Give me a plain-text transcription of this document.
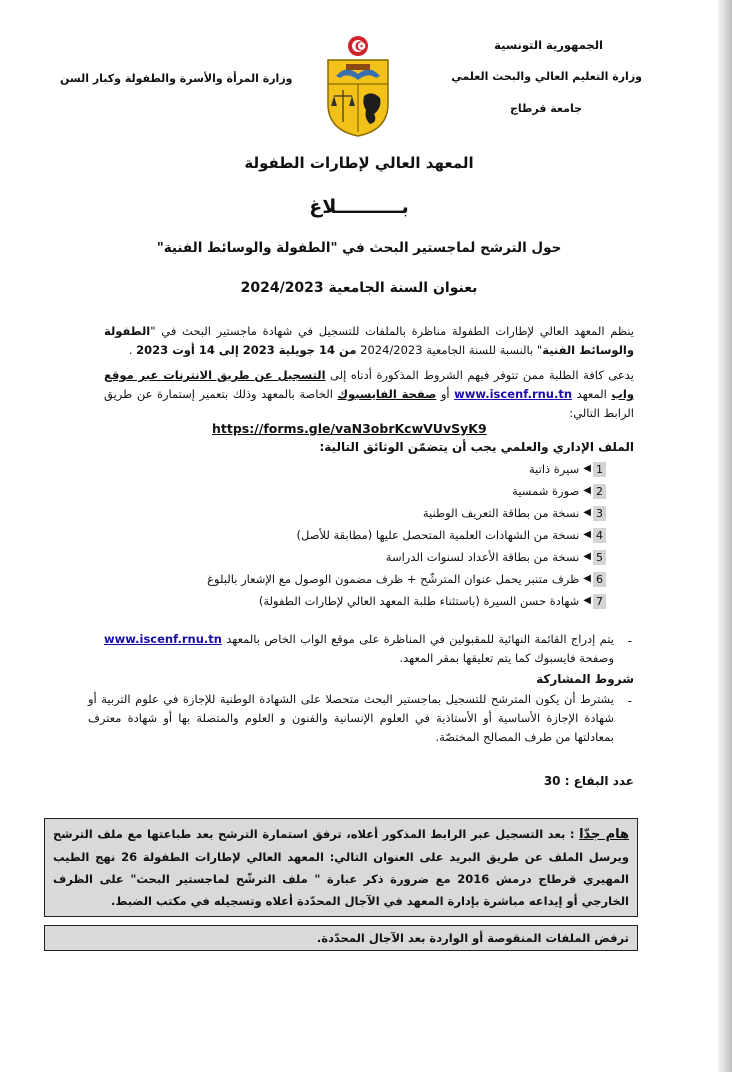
الجمهورية التونسية
وزارة التعليم العالي والبحث العلمي
جامعة قرطاج
وزارة المرأة والأسرة والطفولة وكبار السن
المعهد العالي لإطارات الطفولة
بــــــــــلاغ
حول الترشح لماجستير البحث في "الطفولة والوسائط الفنية"
بعنوان السنة الجامعية 2024/2023
ينظم المعهد العالي لإطارات الطفولة مناظرة بالملفات للتسجيل في شهادة ماجستير البحث في "الطفولة والوسائط الفنية" بالنسبة للسنة الجامعية 2024/2023 من 14 جويلية 2023 إلى 14 أوت 2023 .
يدعى كافة الطلبة ممن تتوفر فيهم الشروط المذكورة أدناه إلى التسجيل عن طريق الانترنات عبر موقع واب المعهد www.iscenf.rnu.tn أو صفحة الفايسبوك الخاصة بالمعهد وذلك بتعمير إستمارة عن طريق الرابط التالي:
https://forms.gle/vaN3obrKcwVUvSyK9
الملف الإداري والعلمي يجب أن يتضمّن الوثائق التالية:
1
◀
سيرة ذاتية
2
◀
صورة شمسية
3
◀
نسخة من بطاقة التعريف الوطنية
4
◀
نسخة من الشهادات العلمية المتحصل عليها (مطابقة للأصل)
5
◀
نسخة من بطاقة الأعداد لسنوات الدراسة
6
◀
ظرف متنبر يحمل عنوان المترشّح + ظرف مضمون الوصول مع الإشعار بالبلوغ
7
◀
شهادة حسن السيرة (باستثناء طلبة المعهد العالي لإطارات الطفولة)
-
يتم إدراج القائمة النهائية للمقبولين في المناظرة على موقع الواب الخاص بالمعهد www.iscenf.rnu.tn وصفحة فايسبوك كما يتم تعليقها بمقر المعهد.
شروط المشاركة
-
يشترط أن يكون المترشح للتسجيل بماجستير البحث متحصلا على الشهادة الوطنية للإجازة في علوم التربية أو شهادة الإجازة الأساسية أو الأستاذية في العلوم الإنسانية والفنون و العلوم والمتصلة بها أو شهادة معترف بمعادلتها من طرف المصالح المختصّة.
عدد البقاع : 30
هام جدّا : بعد التسجيل عبر الرابط المذكور أعلاه، ترفق استمارة الترشح بعد طباعتها مع ملف الترشح ويرسل الملف عن طريق البريد على العنوان التالي: المعهد العالي لإطارات الطفولة 26 نهج الطيب المهيري قرطاج درمش 2016 مع ضرورة ذكر عبارة " ملف الترشّح لماجستير البحث" على الظرف الخارجي أو إيداعه مباشرة بإدارة المعهد في الآجال المحدّدة أعلاه وتسجيله في مكتب الضبط.
ترفض الملفات المنقوصة أو الواردة بعد الآجال المحدّدة.
